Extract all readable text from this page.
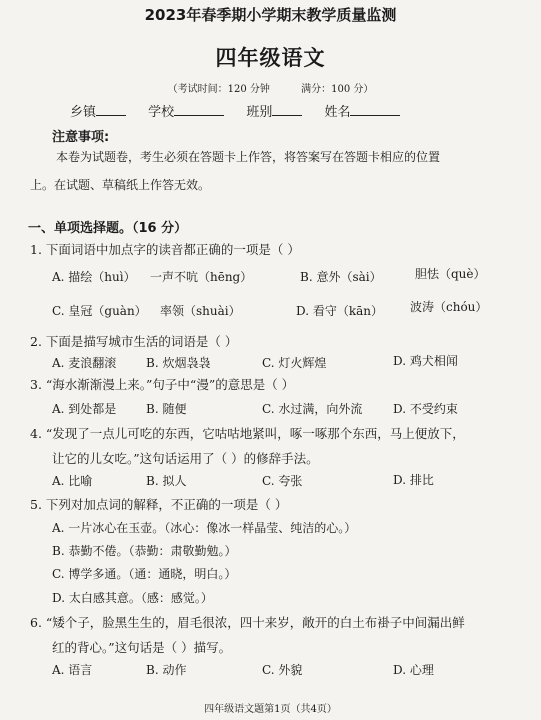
2023年春季期小学期末教学质量监测
四年级语文
（考试时间：120 分钟	满分：100 分）
乡镇	学校	班别	姓名
注意事项:
本卷为试题卷，考生必须在答题卡上作答，将答案写在答题卡相应的位置
上。在试题、草稿纸上作答无效。
一、单项选择题。（16 分）
1. 下面词语中加点字的读音都正确的一项是（ ）
A. 描绘（huì） 一声不吭（hēng）	B. 意外（sài）	胆怯（què）
C. 皇冠（guàn） 率领（shuài）	D. 看守（kān） 波涛（chóu）
2. 下面是描写城市生活的词语是（ ）
A. 麦浪翻滚 B. 炊烟袅袅	C. 灯火辉煌	D. 鸡犬相闻
3. “海水渐渐漫上来。”句子中“漫”的意思是（ ）
A. 到处都是 B. 随便	C. 水过满，向外流	D. 不受约束
4. “发现了一点儿可吃的东西，它咕咕地紧叫，啄一啄那个东西，马上便放下，
让它的儿女吃。”这句话运用了（ ）的修辞手法。
A. 比喻	B. 拟人	C. 夸张	D. 排比
5. 下列对加点词的解释，不正确的一项是（ ）
A. 一片冰心在玉壶。（冰心：像冰一样晶莹、纯洁的心。）
B. 恭勤不倦。（恭勤：肃敬勤勉。）
C. 博学多通。（通：通晓，明白。）
D. 太白感其意。（感：感觉。）
6. “矮个子，脸黑生生的，眉毛很浓，四十来岁，敞开的白土布褂子中间漏出鲜
红的背心。”这句话是（ ）描写。
A. 语言	B. 动作	C. 外貌	D. 心理
四年级语文题第1页（共4页）
